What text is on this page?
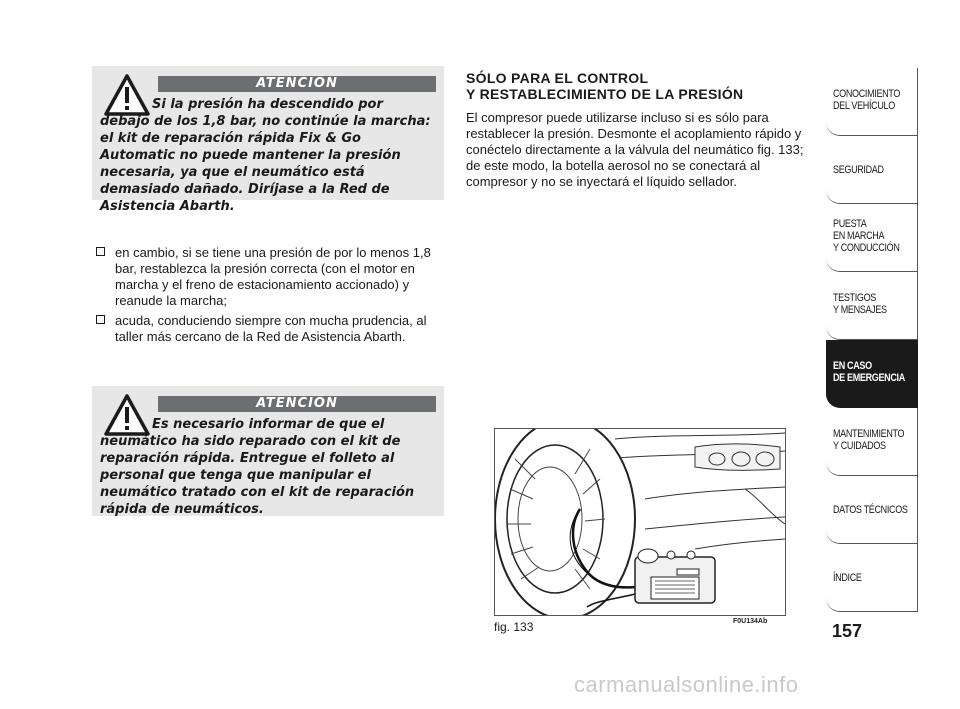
ATENCIÓN

Si la presión ha descendido por debajo de los 1,8 bar, no continúe la marcha: el kit de reparación rápida Fix & Go Automatic no puede mantener la presión necesaria, ya que el neumático está demasiado dañado. Diríjase a la Red de Asistencia Abarth.

en cambio, si se tiene una presión de por lo menos 1,8 bar, restablezca la presión correcta (con el motor en marcha y el freno de estacionamiento accionado) y reanude la marcha;
acuda, conduciendo siempre con mucha prudencia, al taller más cercano de la Red de Asistencia Abarth.
ATENCIÓN

Es necesario informar de que el neumático ha sido reparado con el kit de reparación rápida. Entregue el folleto al personal que tenga que manipular el neumático tratado con el kit de reparación rápida de neumáticos.

SÓLO PARA EL CONTROL
Y RESTABLECIMIENTO DE LA PRESIÓN

El compresor puede utilizarse incluso si es sólo para restablecer la presión. Desmonte el acoplamiento rápido y conéctelo directamente a la válvula del neumático fig. 133; de este modo, la botella aerosol no se conectará al compresor y no se inyectará el líquido sellador.

fig. 133	F0U134Ab
CONOCIMIENTO
DEL VEHÍCULO
SEGURIDAD
PUESTA
EN MARCHA
Y CONDUCCIÓN
TESTIGOS
Y MENSAJES
EN CASO
DE EMERGENCIA
MANTENIMIENTO
Y CUIDADOS
DATOS TÉCNICOS
ÍNDICE
157
carmanualsonline.info
